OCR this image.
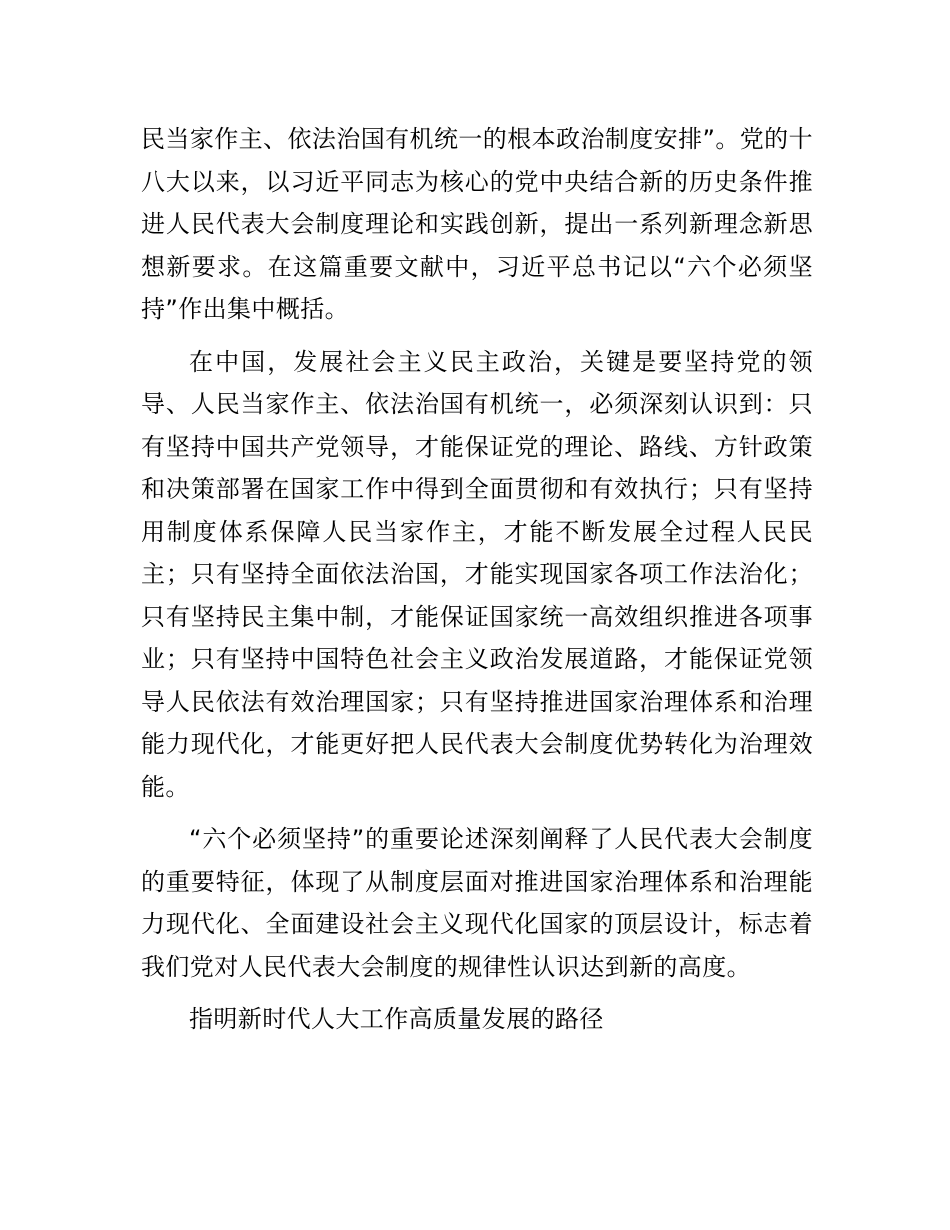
民当家作主、依法治国有机统一的根本政治制度安排”。党的十八大以来，以习近平同志为核心的党中央结合新的历史条件推进人民代表大会制度理论和实践创新，提出一系列新理念新思想新要求。在这篇重要文献中，习近平总书记以“六个必须坚持”作出集中概括。

在中国，发展社会主义民主政治，关键是要坚持党的领导、人民当家作主、依法治国有机统一，必须深刻认识到：只有坚持中国共产党领导，才能保证党的理论、路线、方针政策和决策部署在国家工作中得到全面贯彻和有效执行；只有坚持用制度体系保障人民当家作主，才能不断发展全过程人民民主；只有坚持全面依法治国，才能实现国家各项工作法治化；只有坚持民主集中制，才能保证国家统一高效组织推进各项事业；只有坚持中国特色社会主义政治发展道路，才能保证党领导人民依法有效治理国家；只有坚持推进国家治理体系和治理能力现代化，才能更好把人民代表大会制度优势转化为治理效能。

“六个必须坚持”的重要论述深刻阐释了人民代表大会制度的重要特征，体现了从制度层面对推进国家治理体系和治理能力现代化、全面建设社会主义现代化国家的顶层设计，标志着我们党对人民代表大会制度的规律性认识达到新的高度。

指明新时代人大工作高质量发展的路径
